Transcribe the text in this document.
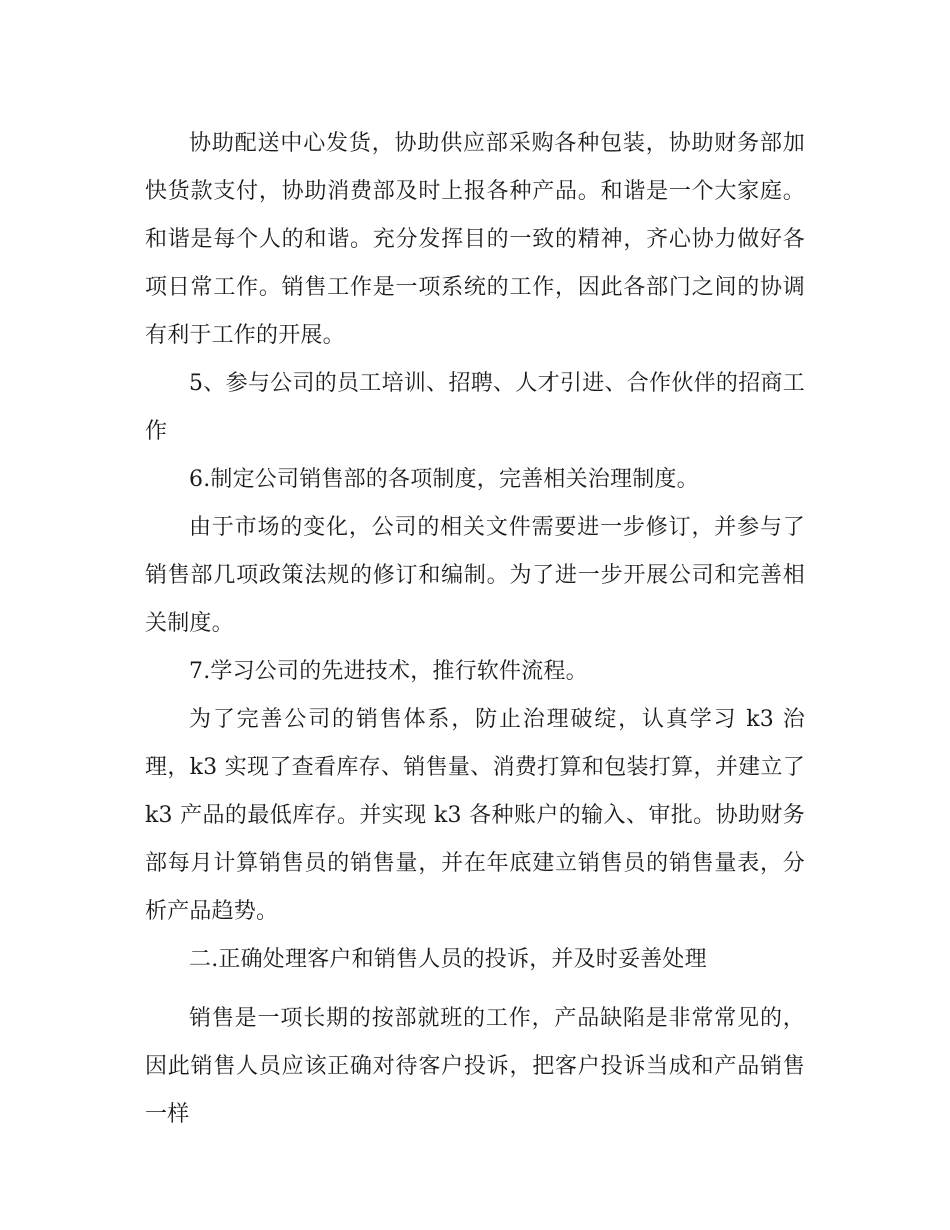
协助配送中心发货，协助供应部采购各种包装，协助财务部加快货款支付，协助消费部及时上报各种产品。和谐是一个大家庭。和谐是每个人的和谐。充分发挥目的一致的精神，齐心协力做好各项日常工作。销售工作是一项系统的工作，因此各部门之间的协调有利于工作的开展。

5、参与公司的员工培训、招聘、人才引进、合作伙伴的招商工作

6.制定公司销售部的各项制度，完善相关治理制度。

由于市场的变化，公司的相关文件需要进一步修订，并参与了销售部几项政策法规的修订和编制。为了进一步开展公司和完善相关制度。

7.学习公司的先进技术，推行软件流程。

为了完善公司的销售体系，防止治理破绽，认真学习 k3 治理，k3 实现了查看库存、销售量、消费打算和包装打算，并建立了 k3 产品的最低库存。并实现 k3 各种账户的输入、审批。协助财务部每月计算销售员的销售量，并在年底建立销售员的销售量表，分析产品趋势。

二.正确处理客户和销售人员的投诉，并及时妥善处理

销售是一项长期的按部就班的工作，产品缺陷是非常常见的，因此销售人员应该正确对待客户投诉，把客户投诉当成和产品销售一样
